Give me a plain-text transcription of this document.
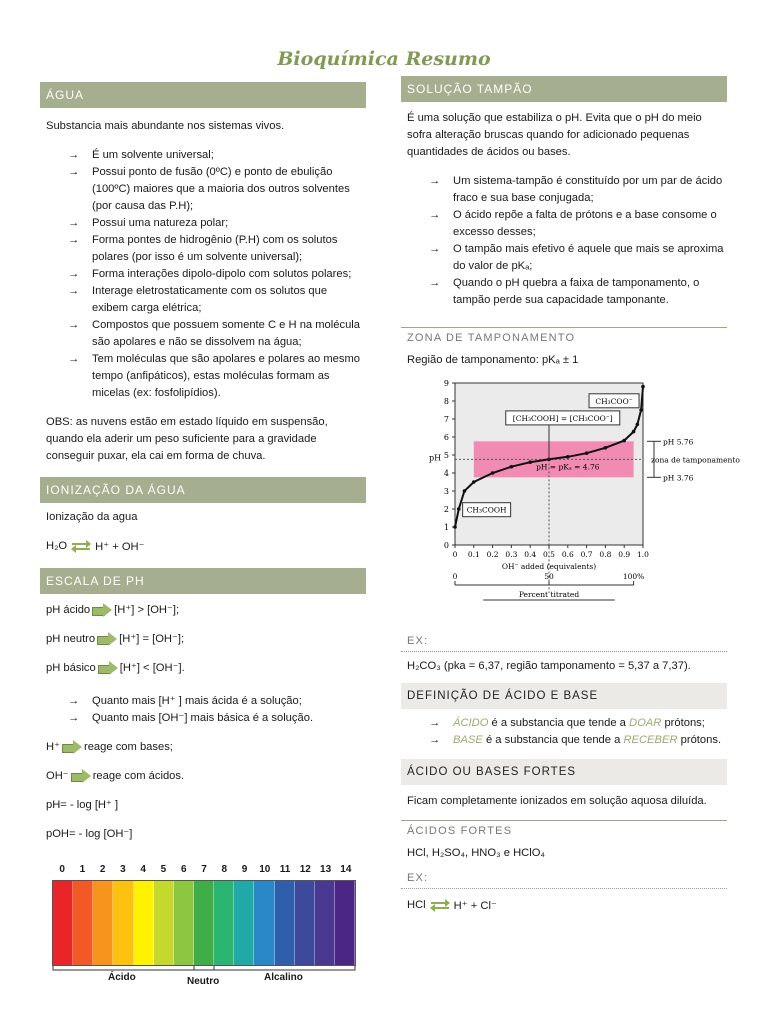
Bioquímica Resumo
ÁGUA

Substancia mais abundante nos sistemas vivos.

→ É um solvente universal;
→ Possui ponto de fusão (0ºC) e ponto de ebulição (100ºC) maiores que a maioria dos outros solventes (por causa das P.H);
→ Possui uma natureza polar;
→ Forma pontes de hidrogênio (P.H) com os solutos polares (por isso é um solvente universal);
→ Forma interações dipolo-dipolo com solutos polares;
→ Interage eletrostaticamente com os solutos que exibem carga elétrica;
→ Compostos que possuem somente C e H na molécula são apolares e não se dissolvem na água;
→ Tem moléculas que são apolares e polares ao mesmo tempo (anfipáticos), estas moléculas formam as micelas (ex: fosfolipídios).

OBS: as nuvens estão em estado líquido em suspensão, quando ela aderir um peso suficiente para a gravidade conseguir puxar, ela cai em forma de chuva.

IONIZAÇÃO DA ÁGUA

Ionização da agua

H₂O	H⁺ + OH⁻
ESCALA DE PH
pH ácido [H⁺] > [OH⁻];
pH neutro [H⁺] = [OH⁻];
pH básico [H⁺] < [OH⁻].
→ Quanto mais [H⁺ ] mais ácida é a solução;
→ Quanto mais [OH⁻] mais básica é a solução.
H⁺ reage com bases;
OH⁻ reage com ácidos.
pH= - log [H⁺ ]
pOH= - log [OH⁻]
0	1	2	3	4	5	6	7	8	9	10 11 12 13 14
Ácido	Neutro	Alcalino
SOLUÇÃO TAMPÃO

É uma solução que estabiliza o pH. Evita que o pH do meio sofra alteração bruscas quando for adicionado pequenas quantidades de ácidos ou bases.

→ Um sistema-tampão é constituído por um par de ácido fraco e sua base conjugada;
→ O ácido repõe a falta de prótons e a base consome o excesso desses;
→ O tampão mais efetivo é aquele que mais se aproxima do valor de pKₐ;
→ Quando o pH quebra a faixa de tamponamento, o tampão perde sua capacidade tamponante.
ZONA DE TAMPONAMENTO

Região de tamponamento: pKₐ ± 1

0
1
2
3
4
5
6
7
8
9
0 0.1 0.2 0.3 0.4 0.5 0.6 0.7 0.8 0.9 1.0
pH
OH⁻ added (equivalents)
CH₃COO⁻
[CH₃COOH] = [CH₃COO⁻]
pH = pKₐ = 4.76
CH₃COOH
pH 5.76
pH 3.76
zona de tamponamento
0	50	100%
Percent titrated
EX:

H₂CO₃ (pka = 6,37, região tamponamento = 5,37 a 7,37).

DEFINIÇÃO DE ÁCIDO E BASE
→ ÁCIDO é a substancia que tende a DOAR prótons;
→ BASE é a substancia que tende a RECEBER prótons.
ÁCIDO OU BASES FORTES

Ficam completamente ionizados em solução aquosa diluída.

ÁCIDOS FORTES

HCl, H₂SO₄, HNO₃ e HClO₄

EX:
HCl	H⁺ + Cl⁻
